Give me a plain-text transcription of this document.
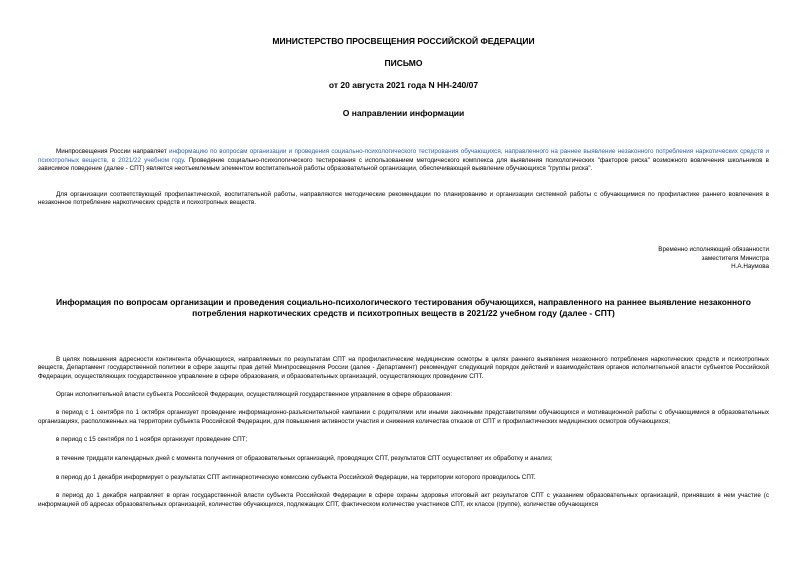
МИНИСТЕРСТВО ПРОСВЕЩЕНИЯ РОССИЙСКОЙ ФЕДЕРАЦИИ
ПИСЬМО
от 20 августа 2021 года N НН-240/07
О направлении информации

Минпросвещения России направляет информацию по вопросам организации и проведения социально-психологического тестирования обучающихся, направленного на раннее выявление незаконного потребления наркотических средств и психотропных веществ, в 2021/22 учебном году. Проведение социально-психологического тестирования с использованием методического комплекса для выявления психологических "факторов риска" возможного вовлечения школьников в зависимое поведение (далее - СПТ) является неотъемлемым элементом воспитательной работы образовательной организации, обеспечивающей выявление обучающихся "группы риска".

Для организации соответствующей профилактической, воспитательной работы, направляются методические рекомендации по планированию и организации системной работы с обучающимися по профилактике раннего вовлечения в незаконное потребление наркотических средств и психотропных веществ.

Временно исполняющий обязанности
заместителя Министра
Н.А.Наумова
Информация по вопросам организации и проведения социально-психологического тестирования обучающихся, направленного на раннее выявление незаконного потребления наркотических средств и психотропных веществ в 2021/22 учебном году (далее - СПТ)

В целях повышения адресности контингента обучающихся, направляемых по результатам СПТ на профилактические медицинские осмотры в целях раннего выявления незаконного потребления наркотических средств и психотропных веществ, Департамент государственной политики в сфере защиты прав детей Минпросвещения России (далее - Департамент) рекомендует следующий порядок действий и взаимодействия органов исполнительной власти субъектов Российской Федерации, осуществляющих государственное управление в сфере образования, и образовательных организаций, осуществляющих проведение СПТ.

Орган исполнительной власти субъекта Российской Федерации, осуществляющий государственное управление в сфере образования:

в период с 1 сентября по 1 октября организует проведение информационно-разъяснительной кампании с родителями или иными законными представителями обучающихся и мотивационной работы с обучающимися в образовательных организациях, расположенных на территории субъекта Российской Федерации, для повышения активности участия и снижения количества отказов от СПТ и профилактических медицинских осмотров обучающихся;

в период с 15 сентября по 1 ноября организует проведение СПТ;

в течение тридцати календарных дней с момента получения от образовательных организаций, проводящих СПТ, результатов СПТ осуществляет их обработку и анализ;

в период до 1 декабря информирует о результатах СПТ антинаркотическую комиссию субъекта Российской Федерации, на территории которого проводилось СПТ.

в период до 1 декабря направляет в орган государственной власти субъекта Российской Федерации в сфере охраны здоровья итоговый акт результатов СПТ с указанием образовательных организаций, принявших в нем участие (с информацией об адресах образовательных организаций, количестве обучающихся, подлежащих СПТ, фактическом количестве участников СПТ, их классе (группе), количестве обучающихся
